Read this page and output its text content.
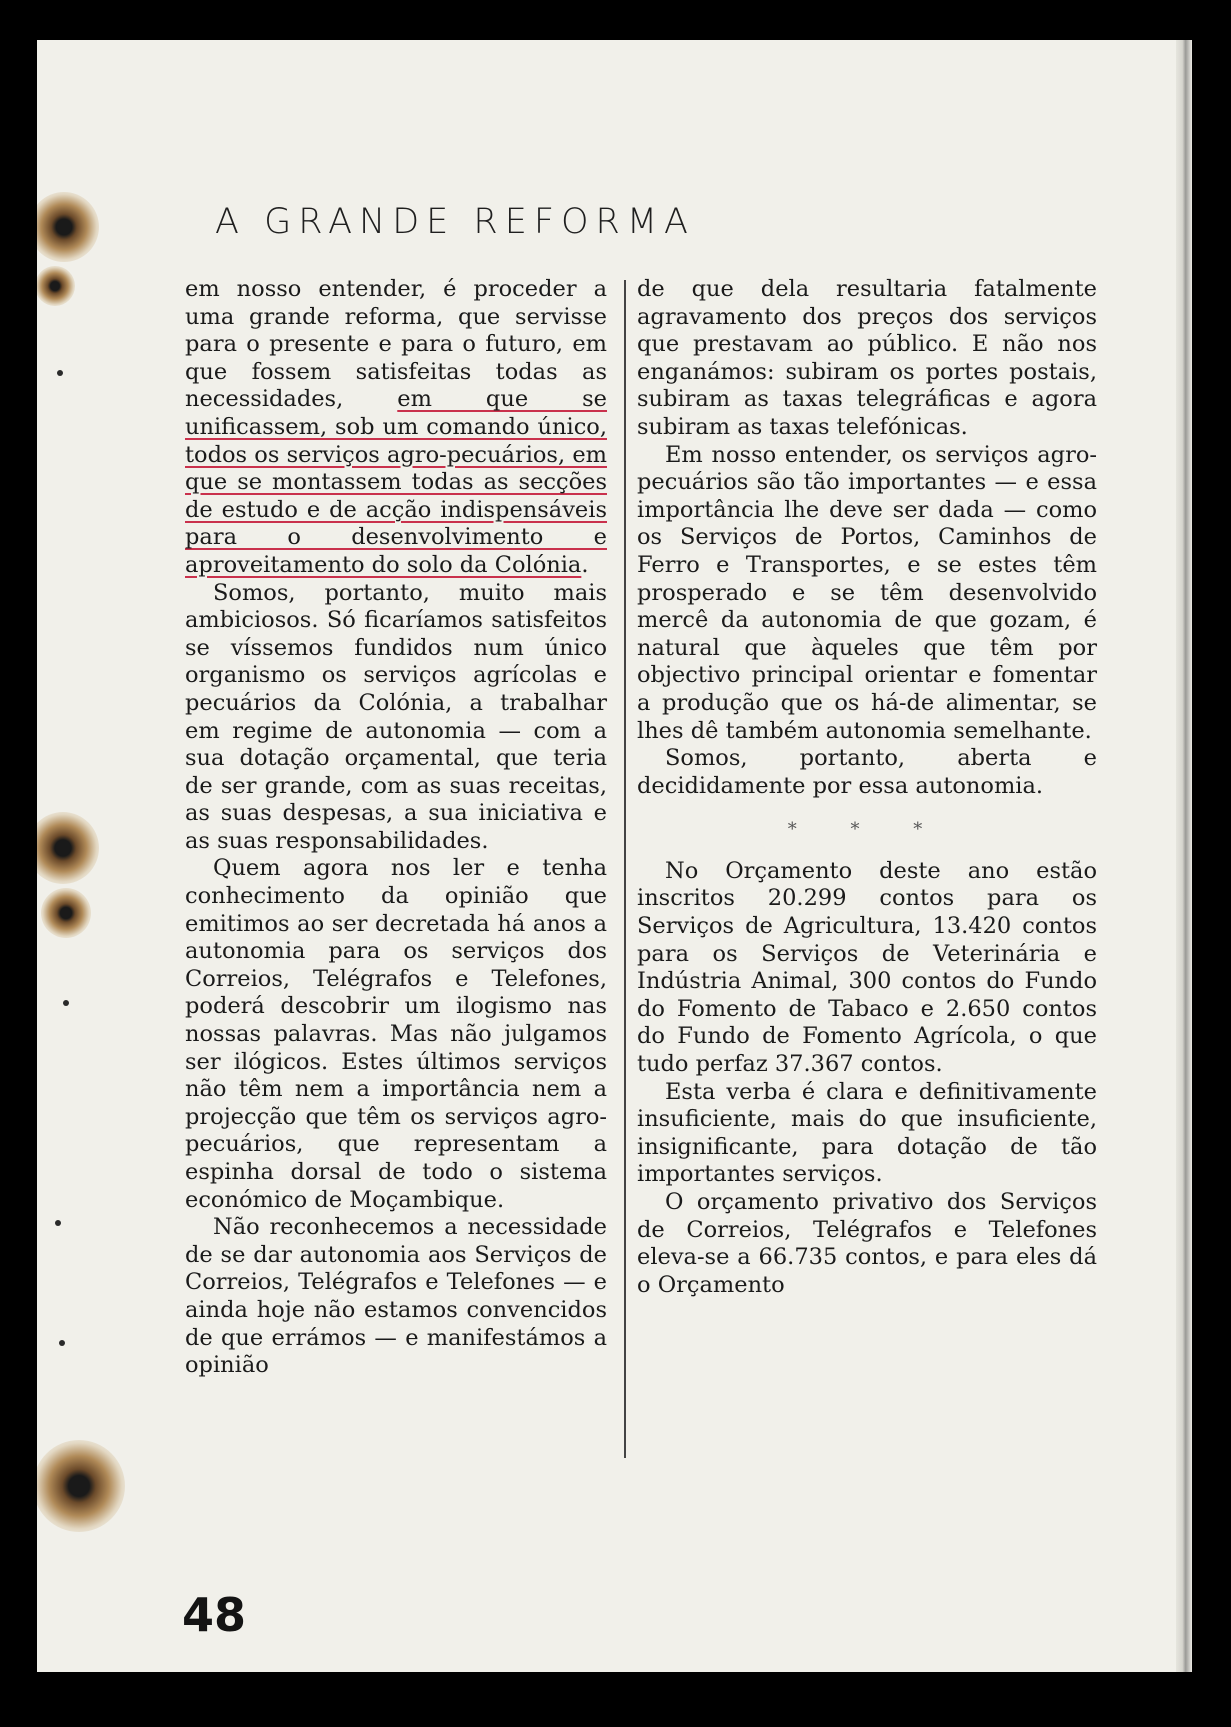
A GRANDE REFORMA

em nosso entender, é proceder a uma grande reforma, que servisse para o presente e para o futuro, em que fossem satisfeitas todas as necessidades, em que se unificassem, sob um comando único, todos os serviços agro-pecuários, em que se montassem todas as secções de estudo e de acção indispensáveis para o desenvolvimento e aproveitamento do solo da Colónia.

Somos, portanto, muito mais ambiciosos. Só ficaríamos satisfeitos se víssemos fundidos num único organismo os serviços agrícolas e pecuários da Colónia, a trabalhar em regime de autonomia — com a sua dotação orçamental, que teria de ser grande, com as suas receitas, as suas despesas, a sua iniciativa e as suas responsabilidades.

Quem agora nos ler e tenha conhecimento da opinião que emitimos ao ser decretada há anos a autonomia para os serviços dos Correios, Telégrafos e Telefones, poderá descobrir um ilogismo nas nossas palavras. Mas não julgamos ser ilógicos. Estes últimos serviços não têm nem a importância nem a projecção que têm os serviços agro-pecuários, que representam a espinha dorsal de todo o sistema económico de Moçambique.

Não reconhecemos a necessidade de se dar autonomia aos Serviços de Correios, Telégrafos e Telefones — e ainda hoje não estamos convencidos de que errámos — e manifestámos a opinião

de que dela resultaria fatalmente agravamento dos preços dos serviços que prestavam ao público. E não nos enganámos: subiram os portes postais, subiram as taxas telegráficas e agora subiram as taxas telefónicas.

Em nosso entender, os serviços agro-pecuários são tão importantes — e essa importância lhe deve ser dada — como os Serviços de Portos, Caminhos de Ferro e Transportes, e se estes têm prosperado e se têm desenvolvido mercê da autonomia de que gozam, é natural que àqueles que têm por objectivo principal orientar e fomentar a produção que os há-de alimentar, se lhes dê também autonomia semelhante.

Somos, portanto, aberta e decididamente por essa autonomia.

* * *

No Orçamento deste ano estão inscritos 20.299 contos para os Serviços de Agricultura, 13.420 contos para os Serviços de Veterinária e Indústria Animal, 300 contos do Fundo do Fomento de Tabaco e 2.650 contos do Fundo de Fomento Agrícola, o que tudo perfaz 37.367 contos.

Esta verba é clara e definitivamente insuficiente, mais do que insuficiente, insignificante, para dotação de tão importantes serviços.

O orçamento privativo dos Serviços de Correios, Telégrafos e Telefones eleva-se a 66.735 contos, e para eles dá o Orçamento

48
